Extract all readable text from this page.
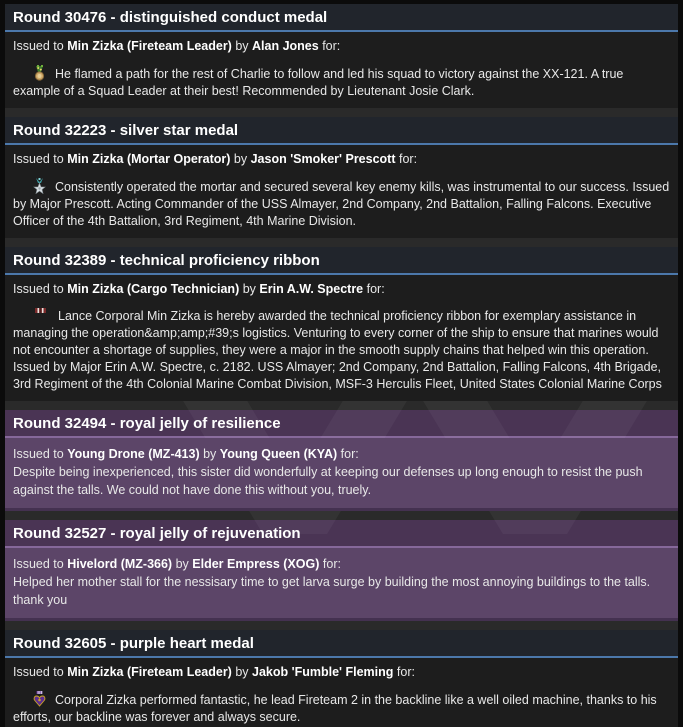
Round 30476 - distinguished conduct medal
Issued to Min Zizka (Fireteam Leader) by Alan Jones for:
He flamed a path for the rest of Charlie to follow and led his squad to victory against the XX-121. A true example of a Squad Leader at their best! Recommended by Lieutenant Josie Clark.
Round 32223 - silver star medal
Issued to Min Zizka (Mortar Operator) by Jason 'Smoker' Prescott for:
Consistently operated the mortar and secured several key enemy kills, was instrumental to our success. Issued by Major Prescott. Acting Commander of the USS Almayer, 2nd Company, 2nd Battalion, Falling Falcons. Executive Officer of the 4th Battalion, 3rd Regiment, 4th Marine Division.
Round 32389 - technical proficiency ribbon
Issued to Min Zizka (Cargo Technician) by Erin A.W. Spectre for:
Lance Corporal Min Zizka is hereby awarded the technical proficiency ribbon for exemplary assistance in managing the operation&amp;amp;#39;s logistics. Venturing to every corner of the ship to ensure that marines would not encounter a shortage of supplies, they were a major in the smooth supply chains that helped win this operation. Issued by Major Erin A.W. Spectre, c. 2182. USS Almayer; 2nd Company, 2nd Battalion, Falling Falcons, 4th Brigade, 3rd Regiment of the 4th Colonial Marine Combat Division, MSF-3 Herculis Fleet, United States Colonial Marine Corps
Round 32494 - royal jelly of resilience
Issued to Young Drone (MZ-413) by Young Queen (KYA) for:
Despite being inexperienced, this sister did wonderfully at keeping our defenses up long enough to resist the push against the talls. We could not have done this without you, truely.
Round 32527 - royal jelly of rejuvenation
Issued to Hivelord (MZ-366) by Elder Empress (XOG) for:
Helped her mother stall for the nessisary time to get larva surge by building the most annoying buildings to the talls. thank you
Round 32605 - purple heart medal
Issued to Min Zizka (Fireteam Leader) by Jakob 'Fumble' Fleming for:
Corporal Zizka performed fantastic, he lead Fireteam 2 in the backline like a well oiled machine, thanks to his efforts, our backline was forever and always secure.
